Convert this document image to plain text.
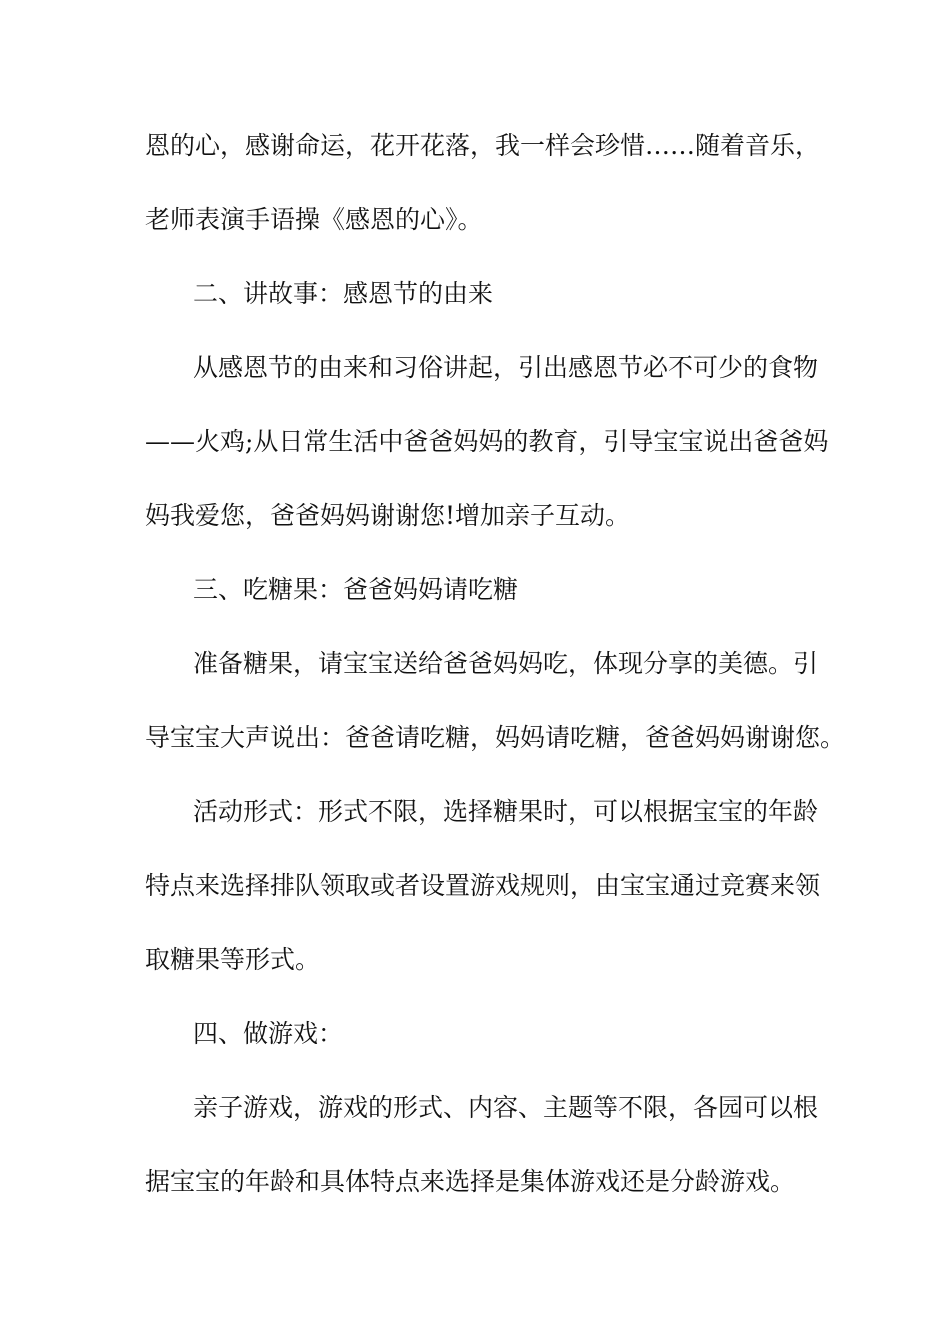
恩的心，感谢命运，花开花落，我一样会珍惜……随着音乐，
老师表演手语操《感恩的心》。
二、讲故事：感恩节的由来
从感恩节的由来和习俗讲起，引出感恩节必不可少的食物
——火鸡;从日常生活中爸爸妈妈的教育，引导宝宝说出爸爸妈
妈我爱您，爸爸妈妈谢谢您!增加亲子互动。
三、吃糖果：爸爸妈妈请吃糖
准备糖果，请宝宝送给爸爸妈妈吃，体现分享的美德。引
导宝宝大声说出：爸爸请吃糖，妈妈请吃糖，爸爸妈妈谢谢您。
活动形式：形式不限，选择糖果时，可以根据宝宝的年龄
特点来选择排队领取或者设置游戏规则，由宝宝通过竞赛来领
取糖果等形式。
四、做游戏：
亲子游戏，游戏的形式、内容、主题等不限，各园可以根
据宝宝的年龄和具体特点来选择是集体游戏还是分龄游戏。
